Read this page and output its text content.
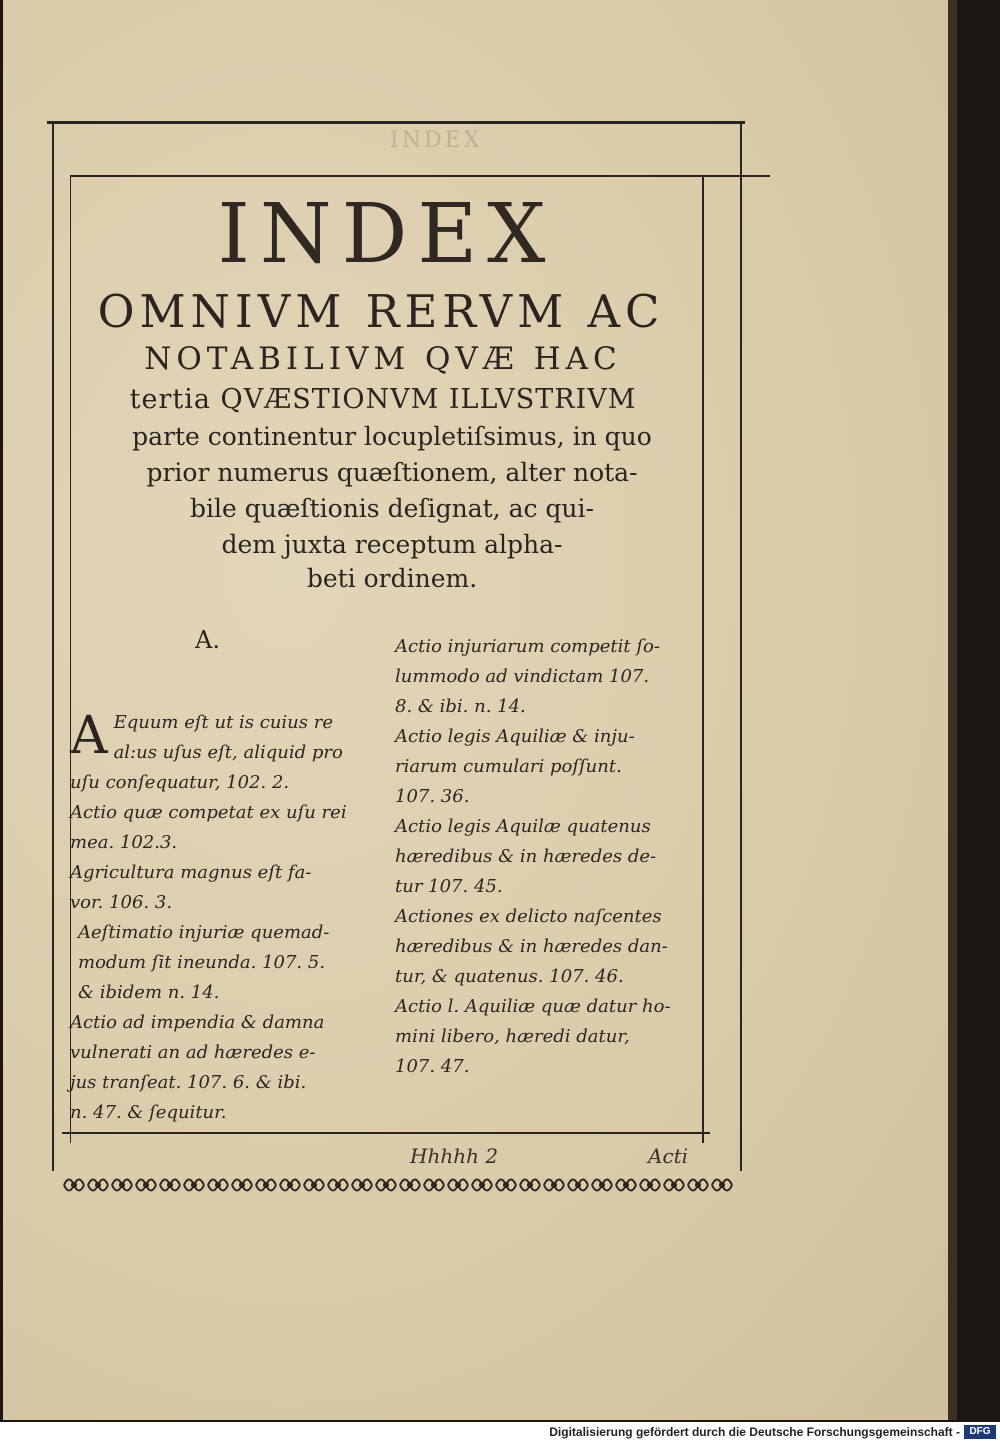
INDEX
INDEX
OMNIVM RERVM AC
NOTABILIVM QVÆ HAC
tertia QVÆSTIONVM ILLVSTRIVM
parte continentur locupletiſsimus, in quo
prior numerus quæſtionem, alter nota-
bile quæſtionis deſignat, ac qui-
dem juxta receptum alpha-
beti ordinem.
A.

A Equum eſt ut is cuius re
al:us uſus eſt, aliquid pro
uſu conſequatur, 102. 2.

Actio quæ competat ex uſu rei
mea. 102.3.
Agricultura magnus eſt fa-
vor. 106. 3.
Aeſtimatio injuriæ quemad-
modum ſit ineunda. 107. 5.
& ibidem n. 14.
Actio ad impendia & damna
vulnerati an ad hæredes e-
jus tranſeat. 107. 6. & ibi.
n. 47. & ſequitur.
Actio injuriarum competit ſo-
lummodo ad vindictam 107.
8. & ibi. n. 14.
Actio legis Aquiliæ & inju-
riarum cumulari poſſunt.
107. 36.
Actio legis Aquilæ quatenus
hæredibus & in hæredes de-
tur 107. 45.
Actiones ex delicto naſcentes
hæredibus & in hæredes dan-
tur, & quatenus. 107. 46.
Actio l. Aquiliæ quæ datur ho-
mini libero, hæredi datur,
107. 47.
Hhhhh 2	Acti
Digitalisierung gefördert durch die Deutsche Forschungsgemeinschaft - DFG
